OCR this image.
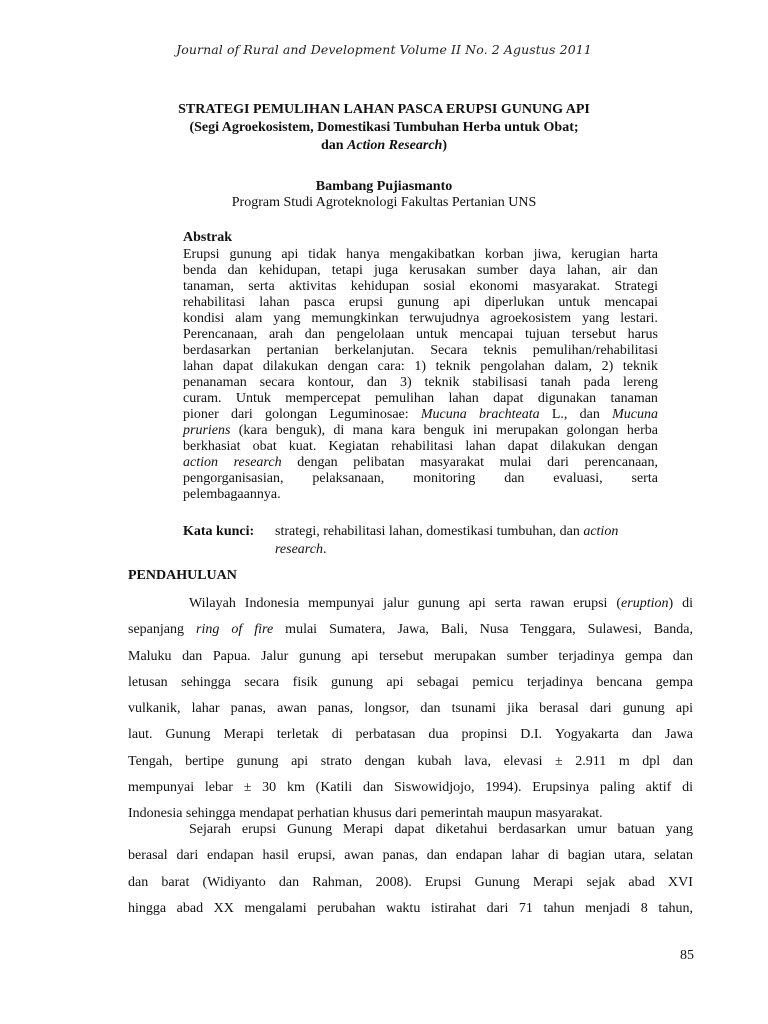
Journal of Rural and Development Volume II No. 2 Agustus 2011
STRATEGI PEMULIHAN LAHAN PASCA ERUPSI GUNUNG API
(Segi Agroekosistem, Domestikasi Tumbuhan Herba untuk Obat;
dan Action Research)
Bambang Pujiasmanto
Program Studi Agroteknologi Fakultas Pertanian UNS
Abstrak
Erupsi gunung api tidak hanya mengakibatkan korban jiwa, kerugian harta
benda dan kehidupan, tetapi juga kerusakan sumber daya lahan, air dan
tanaman, serta aktivitas kehidupan sosial ekonomi masyarakat. Strategi
rehabilitasi lahan pasca erupsi gunung api diperlukan untuk mencapai
kondisi alam yang memungkinkan terwujudnya agroekosistem yang lestari.
Perencanaan, arah dan pengelolaan untuk mencapai tujuan tersebut harus
berdasarkan pertanian berkelanjutan. Secara teknis pemulihan/rehabilitasi
lahan dapat dilakukan dengan cara: 1) teknik pengolahan dalam, 2) teknik
penanaman secara kontour, dan 3) teknik stabilisasi tanah pada lereng
curam. Untuk mempercepat pemulihan lahan dapat digunakan tanaman
pioner dari golongan Leguminosae: Mucuna brachteata L., dan Mucuna
pruriens (kara benguk), di mana kara benguk ini merupakan golongan herba
berkhasiat obat kuat. Kegiatan rehabilitasi lahan dapat dilakukan dengan
action research dengan pelibatan masyarakat mulai dari perencanaan,
pengorganisasian, pelaksanaan, monitoring dan evaluasi, serta
pelembagaannya.
Kata kunci: strategi, rehabilitasi lahan, domestikasi tumbuhan, dan action
research.
PENDAHULUAN
Wilayah Indonesia mempunyai jalur gunung api serta rawan erupsi (eruption) di
sepanjang ring of fire mulai Sumatera, Jawa, Bali, Nusa Tenggara, Sulawesi, Banda,
Maluku dan Papua. Jalur gunung api tersebut merupakan sumber terjadinya gempa dan
letusan sehingga secara fisik gunung api sebagai pemicu terjadinya bencana gempa
vulkanik, lahar panas, awan panas, longsor, dan tsunami jika berasal dari gunung api
laut. Gunung Merapi terletak di perbatasan dua propinsi D.I. Yogyakarta dan Jawa
Tengah, bertipe gunung api strato dengan kubah lava, elevasi ± 2.911 m dpl dan
mempunyai lebar ± 30 km (Katili dan Siswowidjojo, 1994). Erupsinya paling aktif di
Indonesia sehingga mendapat perhatian khusus dari pemerintah maupun masyarakat.
Sejarah erupsi Gunung Merapi dapat diketahui berdasarkan umur batuan yang
berasal dari endapan hasil erupsi, awan panas, dan endapan lahar di bagian utara, selatan
dan barat (Widiyanto dan Rahman, 2008). Erupsi Gunung Merapi sejak abad XVI
hingga abad XX mengalami perubahan waktu istirahat dari 71 tahun menjadi 8 tahun,
85
